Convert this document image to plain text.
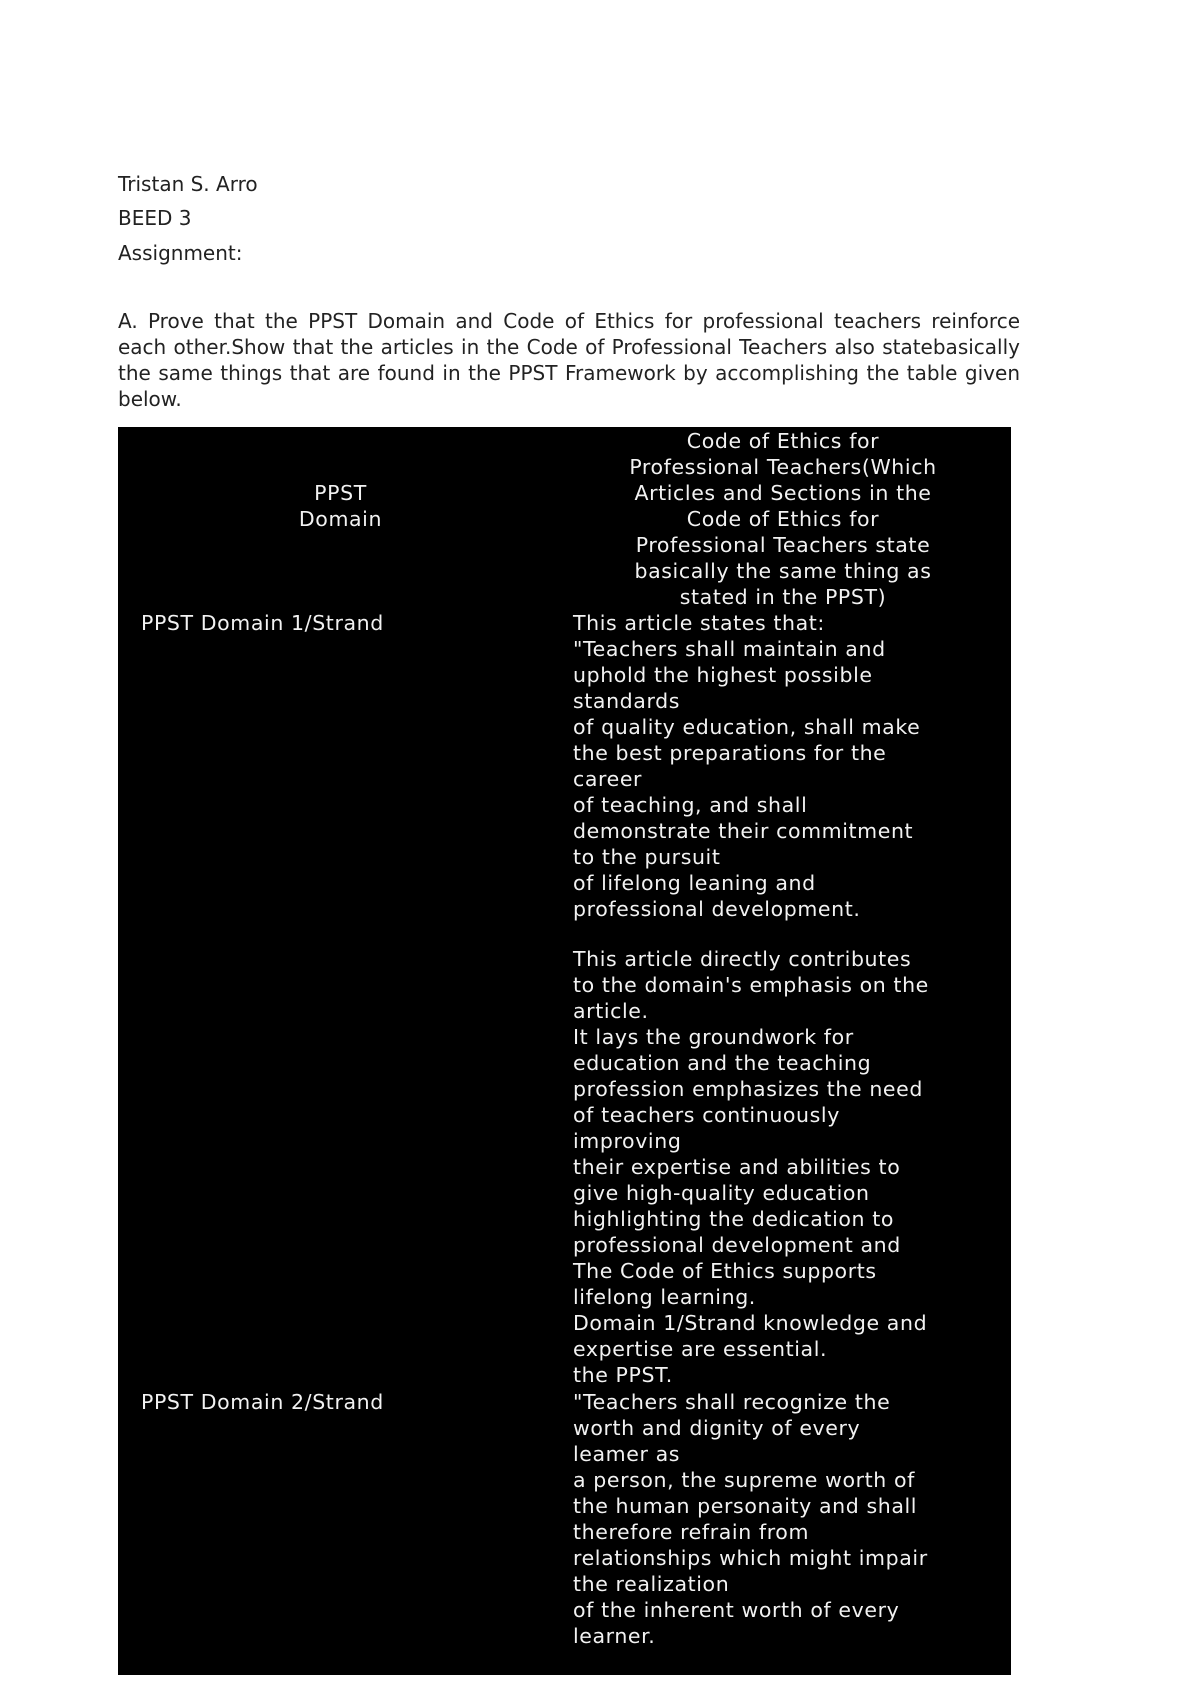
Tristan S. Arro
BEED 3
Assignment:
A. Prove that the PPST Domain and Code of Ethics for professional teachers reinforce each other.Show that the articles in the Code of Professional Teachers also statebasically the same things that are found in the PPST Framework by accomplishing the table given below.
PPST
Domain
Code of Ethics for
Professional Teachers(Which
Articles and Sections in the
Code of Ethics for
Professional Teachers state
basically the same thing as
stated in the PPST)
PPST Domain 1/Strand	This article states that:
"Teachers shall maintain and
uphold the highest possible
standards
of quality education, shall make
the best preparations for the
career
of teaching, and shall
demonstrate their commitment
to the pursuit
of lifelong leaning and
professional development.
This article directly contributes
to the domain's emphasis on the
article.
It lays the groundwork for
education and the teaching
profession emphasizes the need
of teachers continuously
improving
their expertise and abilities to
give high-quality education
highlighting the dedication to
professional development and
The Code of Ethics supports
lifelong learning.
Domain 1/Strand knowledge and
expertise are essential.
the PPST.
PPST Domain 2/Strand	"Teachers shall recognize the
worth and dignity of every
leamer as
a person, the supreme worth of
the human personaity and shall
therefore refrain from
relationships which might impair
the realization
of the inherent worth of every
learner.
